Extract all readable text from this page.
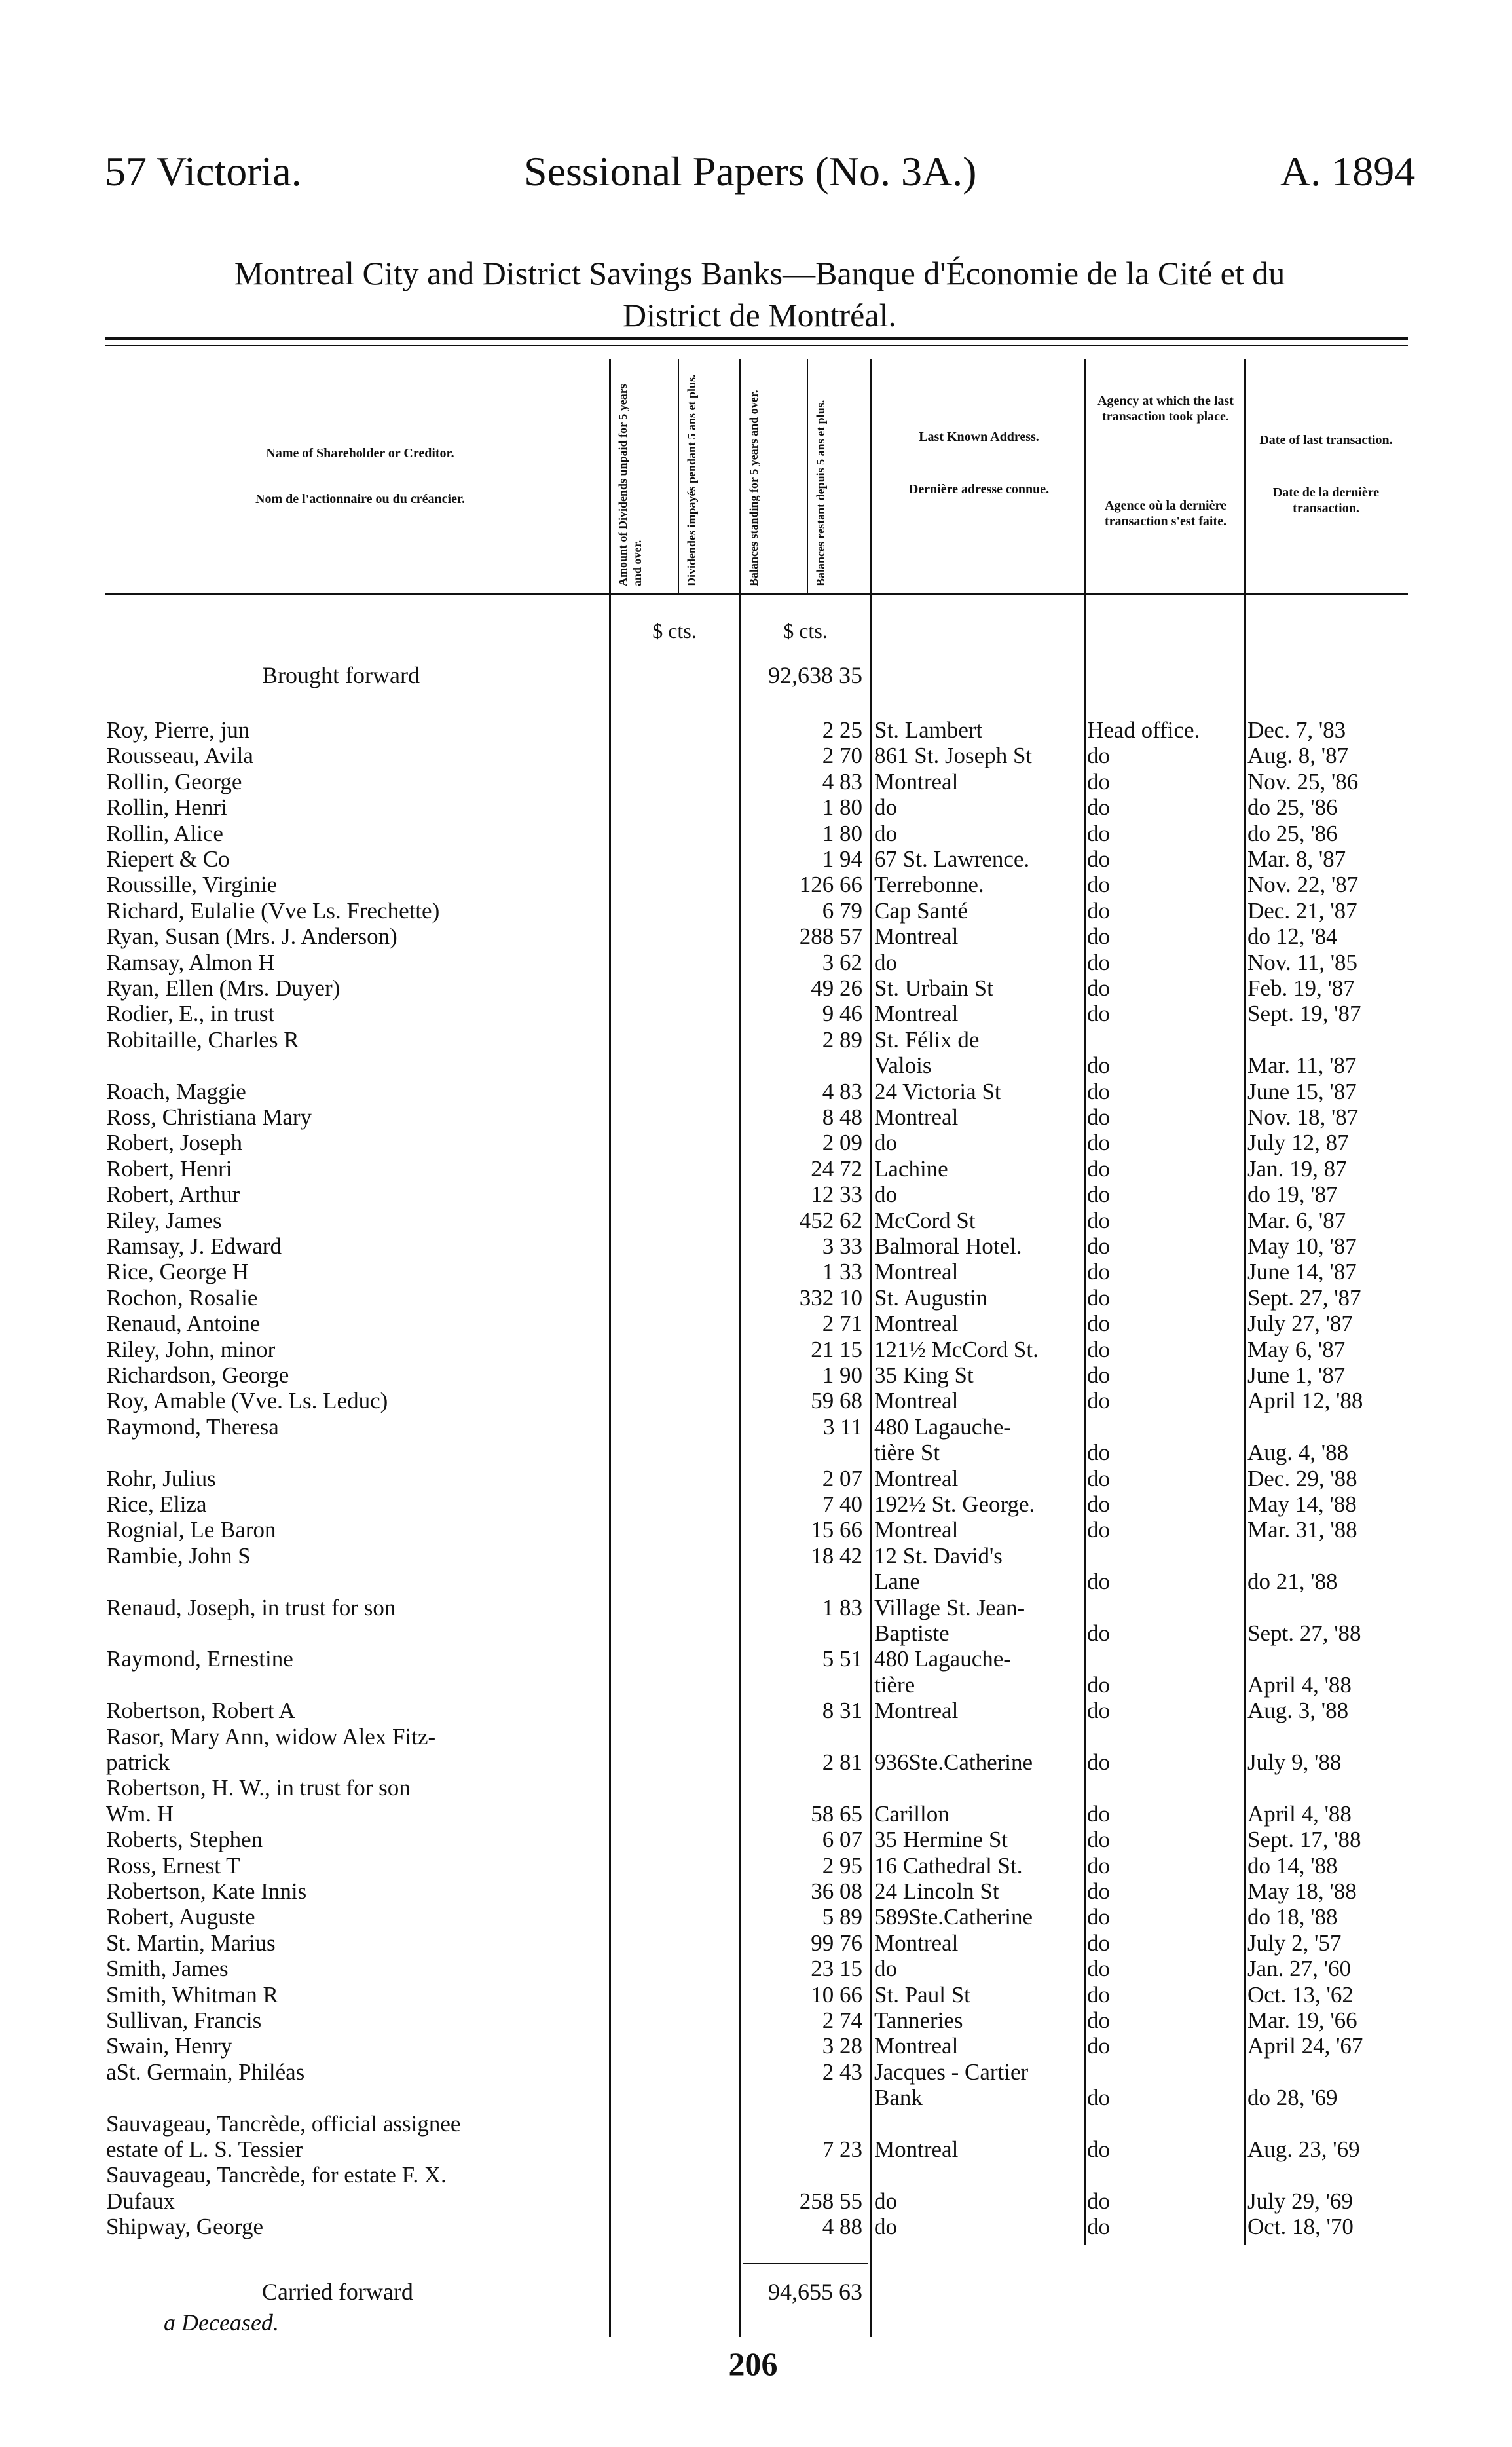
57 Victoria.	Sessional Papers (No. 3A.)	A. 1894
Montreal City and District Savings Banks—Banque d'Économie de la Cité et du
District de Montréal.
Name of Shareholder or Creditor.
Nom de l'actionnaire ou du créancier.	Amount of Dividends unpaid for 5 years and over.	Dividendes impayés pendant 5 ans et plus.	Balances standing for 5 years and over.	Balances restant depuis 5 ans et plus.	Last Known Address.
Dernière adresse connue.
Agency at which the last transaction took place.
Agence où la dernière transaction s'est faite.
Date of last transaction.
Date de la dernière transaction.
$ cts.	$ cts.
Brought forward	92,638 35
Roy, Pierre, jun	2 25 St. Lambert	Head office.	Dec. 7, '83
Rousseau, Avila	2 70 861 St. Joseph St	do	Aug. 8, '87
Rollin, George	4 83 Montreal	do	Nov. 25, '86
Rollin, Henri	1 80 do	do	do 25, '86
Rollin, Alice	1 80 do	do	do 25, '86
Riepert & Co	1 94 67 St. Lawrence.	do	Mar. 8, '87
Roussille, Virginie	126 66 Terrebonne.	do	Nov. 22, '87
Richard, Eulalie (Vve Ls. Frechette)	6 79 Cap Santé	do	Dec. 21, '87
Ryan, Susan (Mrs. J. Anderson)	288 57 Montreal	do	do 12, '84
Ramsay, Almon H	3 62 do	do	Nov. 11, '85
Ryan, Ellen (Mrs. Duyer)	49 26 St. Urbain St	do	Feb. 19, '87
Rodier, E., in trust	9 46 Montreal	do	Sept. 19, '87
Robitaille, Charles R	2 89 St. Félix de
Valois	do	Mar. 11, '87
Roach, Maggie	4 83 24 Victoria St	do	June 15, '87
Ross, Christiana Mary	8 48 Montreal	do	Nov. 18, '87
Robert, Joseph	2 09 do	do	July 12, 87
Robert, Henri	24 72 Lachine	do	Jan. 19, 87
Robert, Arthur	12 33 do	do	do 19, '87
Riley, James	452 62 McCord St	do	Mar. 6, '87
Ramsay, J. Edward	3 33 Balmoral Hotel.	do	May 10, '87
Rice, George H	1 33 Montreal	do	June 14, '87
Rochon, Rosalie	332 10 St. Augustin	do	Sept. 27, '87
Renaud, Antoine	2 71 Montreal	do	July 27, '87
Riley, John, minor	21 15 121½ McCord St.	do	May 6, '87
Richardson, George	1 90 35 King St	do	June 1, '87
Roy, Amable (Vve. Ls. Leduc)	59 68 Montreal	do	April 12, '88
Raymond, Theresa	3 11 480 Lagauche-
tière St	do	Aug. 4, '88
Rohr, Julius	2 07 Montreal	do	Dec. 29, '88
Rice, Eliza	7 40 192½ St. George.	do	May 14, '88
Rognial, Le Baron	15 66 Montreal	do	Mar. 31, '88
Rambie, John S	18 42 12 St. David's
Lane	do	do 21, '88
Renaud, Joseph, in trust for son	1 83 Village St. Jean-
Baptiste	do	Sept. 27, '88
Raymond, Ernestine	5 51 480 Lagauche-
tière	do	April 4, '88
Robertson, Robert A	8 31 Montreal	do	Aug. 3, '88
Rasor, Mary Ann, widow Alex Fitz-
patrick	2 81 936Ste.Catherine	do	July 9, '88
Robertson, H. W., in trust for son
Wm. H	58 65 Carillon	do	April 4, '88
Roberts, Stephen	6 07 35 Hermine St	do	Sept. 17, '88
Ross, Ernest T	2 95 16 Cathedral St.	do	do 14, '88
Robertson, Kate Innis	36 08 24 Lincoln St	do	May 18, '88
Robert, Auguste	5 89 589Ste.Catherine	do	do 18, '88
St. Martin, Marius	99 76 Montreal	do	July 2, '57
Smith, James	23 15 do	do	Jan. 27, '60
Smith, Whitman R	10 66 St. Paul St	do	Oct. 13, '62
Sullivan, Francis	2 74 Tanneries	do	Mar. 19, '66
Swain, Henry	3 28 Montreal	do	April 24, '67
aSt. Germain, Philéas	2 43 Jacques - Cartier
Bank	do	do 28, '69
Sauvageau, Tancrède, official assignee
estate of L. S. Tessier	7 23 Montreal	do	Aug. 23, '69
Sauvageau, Tancrède, for estate F. X.
Dufaux	258 55 do	do	July 29, '69
Shipway, George	4 88 do	do	Oct. 18, '70
Carried forward	94,655 63
a Deceased.
206
